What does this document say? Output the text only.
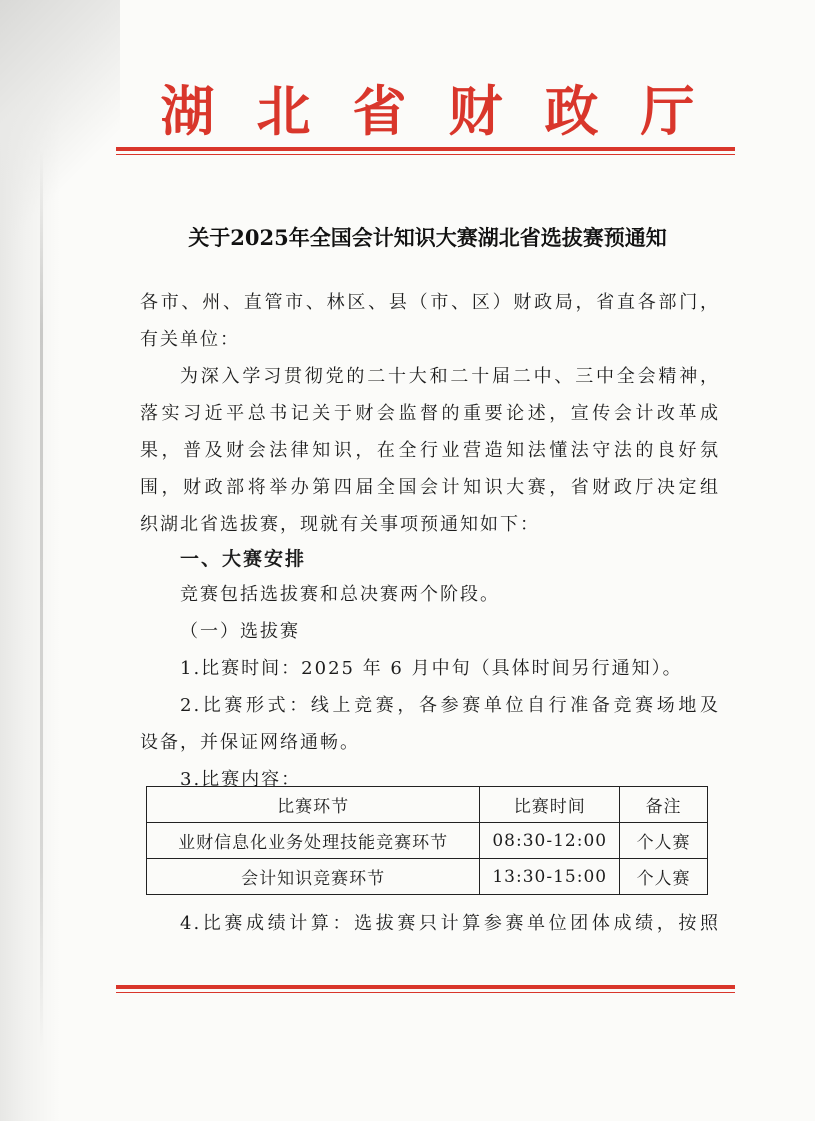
湖北省财政厅
关于2025年全国会计知识大赛湖北省选拔赛预通知
各市、州、直管市、林区、县（市、区）财政局，省直各部门，
有关单位：
为深入学习贯彻党的二十大和二十届二中、三中全会精神，
落实习近平总书记关于财会监督的重要论述，宣传会计改革成
果，普及财会法律知识，在全行业营造知法懂法守法的良好氛
围，财政部将举办第四届全国会计知识大赛，省财政厅决定组
织湖北省选拔赛，现就有关事项预通知如下：
一、大赛安排
竞赛包括选拔赛和总决赛两个阶段。
（一）选拔赛
1.比赛时间：2025 年 6 月中旬（具体时间另行通知）。
2.比赛形式：线上竞赛，各参赛单位自行准备竞赛场地及
设备，并保证网络通畅。
3.比赛内容：
比赛环节	比赛时间	备注
业财信息化业务处理技能竞赛环节	08:30-12:00	个人赛
会计知识竞赛环节	13:30-15:00	个人赛
4.比赛成绩计算：选拔赛只计算参赛单位团体成绩，按照
